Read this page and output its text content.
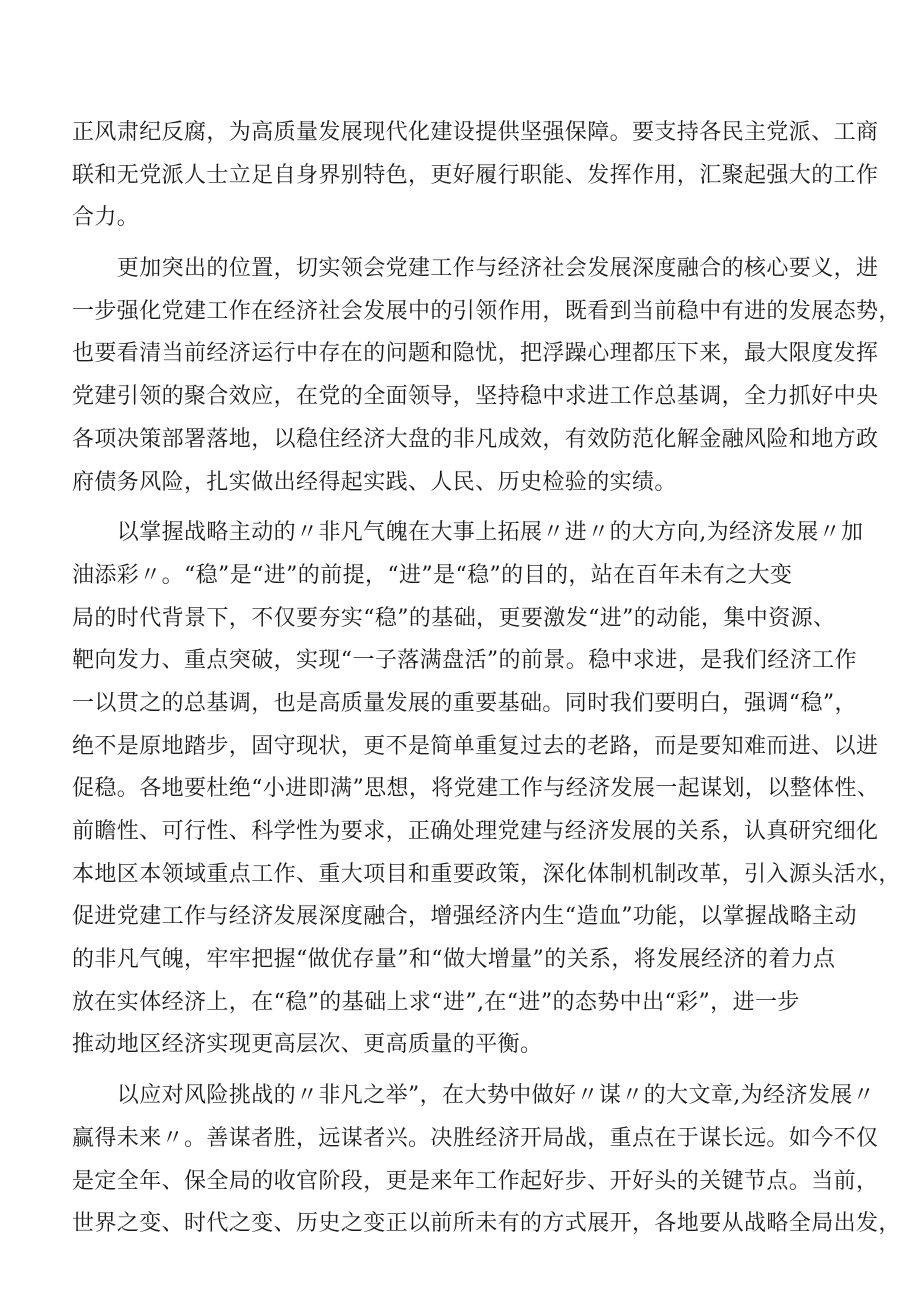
正风肃纪反腐，为高质量发展现代化建设提供坚强保障。要支持各民主党派、工商
联和无党派人士立足自身界别特色，更好履行职能、发挥作用，汇聚起强大的工作
合力。
　　更加突出的位置，切实领会党建工作与经济社会发展深度融合的核心要义，进
一步强化党建工作在经济社会发展中的引领作用，既看到当前稳中有进的发展态势，
也要看清当前经济运行中存在的问题和隐忧，把浮躁心理都压下来，最大限度发挥
党建引领的聚合效应，在党的全面领导，坚持稳中求进工作总基调，全力抓好中央
各项决策部署落地，以稳住经济大盘的非凡成效，有效防范化解金融风险和地方政
府债务风险，扎实做出经得起实践、人民、历史检验的实绩。
　　以掌握战略主动的〃非凡气魄在大事上拓展〃进〃的大方向,为经济发展〃加
油添彩〃。“稳”是“进”的前提，“进”是“稳”的目的，站在百年未有之大变
局的时代背景下，不仅要夯实“稳”的基础，更要激发“进”的动能，集中资源、
靶向发力、重点突破，实现“一子落满盘活”的前景。稳中求进，是我们经济工作
一以贯之的总基调，也是高质量发展的重要基础。同时我们要明白，强调“稳”，
绝不是原地踏步，固守现状，更不是简单重复过去的老路，而是要知难而进、以进
促稳。各地要杜绝“小进即满”思想，将党建工作与经济发展一起谋划，以整体性、
前瞻性、可行性、科学性为要求，正确处理党建与经济发展的关系，认真研究细化
本地区本领域重点工作、重大项目和重要政策，深化体制机制改革，引入源头活水，
促进党建工作与经济发展深度融合，增强经济内生“造血”功能，以掌握战略主动
的非凡气魄，牢牢把握“做优存量”和“做大增量”的关系，将发展经济的着力点
放在实体经济上，在“稳”的基础上求“进”,在“进”的态势中出“彩”，进一步
推动地区经济实现更高层次、更高质量的平衡。
　　以应对风险挑战的〃非凡之举”，在大势中做好〃谋〃的大文章,为经济发展〃
赢得未来〃。善谋者胜，远谋者兴。决胜经济开局战，重点在于谋长远。如今不仅
是定全年、保全局的收官阶段，更是来年工作起好步、开好头的关键节点。当前，
世界之变、时代之变、历史之变正以前所未有的方式展开，各地要从战略全局出发，
